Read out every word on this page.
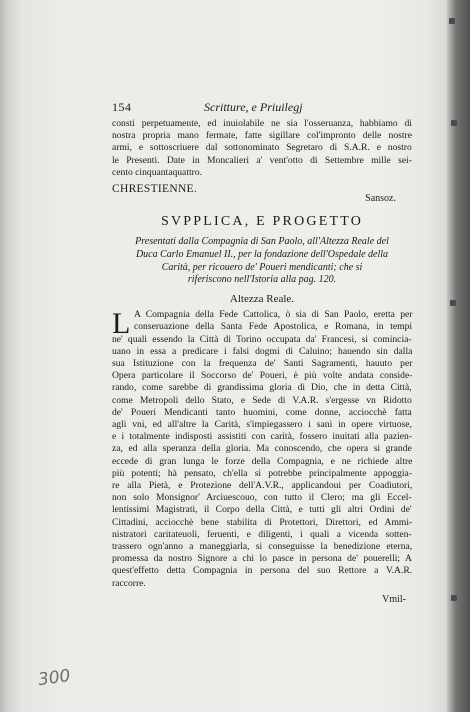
154	Scritture, e Priuilegj
consti perpetuamente, ed inuiolabile ne sia l'osseruanza, habbiamo di
nostra propria mano fermate, fatte sigillare col'impronto delle nostre
armi, e sottoscriuere dal sottonominato Segretaro di S.A.R. e nostro
le Presenti. Date in Moncalieri a' vent'otto di Settembre mille sei-
cento cinquantaquattro.
CHRESTIENNE.
Sansoz.
SVPPLICA, E PROGETTO
Presentati dalla Compagnia di San Paolo, all'Altezza Reale del
Duca Carlo Emanuel II., per la fondazione dell'Ospedale della
Carità, per ricouero de' Poueri mendicanti; che si
riferiscono nell'Istoria alla pag. 120.
Altezza Reale.
L A Compagnia della Fede Cattolica, ò sia di San Paolo, eretta per
conseruazione della Santa Fede Apostolica, e Romana, in tempi
ne' quali essendo la Città di Torino occupata da' Francesi, si comincia-
uano in essa a predicare i falsi dogmi di Caluino; hauendo sin dalla
sua Istituzione con la frequenza de' Santi Sagramenti, hauuto per
Opera particolare il Soccorso de' Poueri, è più volte andata conside-
rando, come sarebbe di grandissima gloria di Dio, che in detta Città,
come Metropoli dello Stato, e Sede di V.A.R. s'ergesse vn Ridotto
de' Poueri Mendicanti tanto huomini, come donne, acciocchè fatta
agli vni, ed all'altre la Carità, s'impiegassero i sani in opere virtuose,
e i totalmente indisposti assistiti con carità, fossero inuitati alla pazien-
za, ed alla speranza della gloria. Ma conoscendo, che opera sì grande
eccede di gran lunga le forze della Compagnia, e ne richiede altre
più potenti; hà pensato, ch'ella si potrebbe principalmente appoggia-
re alla Pietà, e Protezione dell'A.V.R., applicandoui per Coadiutori,
non solo Monsignor' Arciuescouo, con tutto il Clero; ma gli Eccel-
lentissimi Magistrati, il Corpo della Città, e tutti gli altri Ordini de'
Cittadini, acciocchè bene stabilita di Protettori, Direttori, ed Ammi-
nistratori caritateuoli, feruenti, e diligenti, i quali a vicenda sotten-
trassero ogn'anno a maneggiarla, si conseguisse la benedizione eterna,
promessa da nostro Signore a chi lo pasce in persona de' pouerelli; A
quest'effetto detta Compagnia in persona del suo Rettore a V.A.R.
raccorre.
Vmil-
300
